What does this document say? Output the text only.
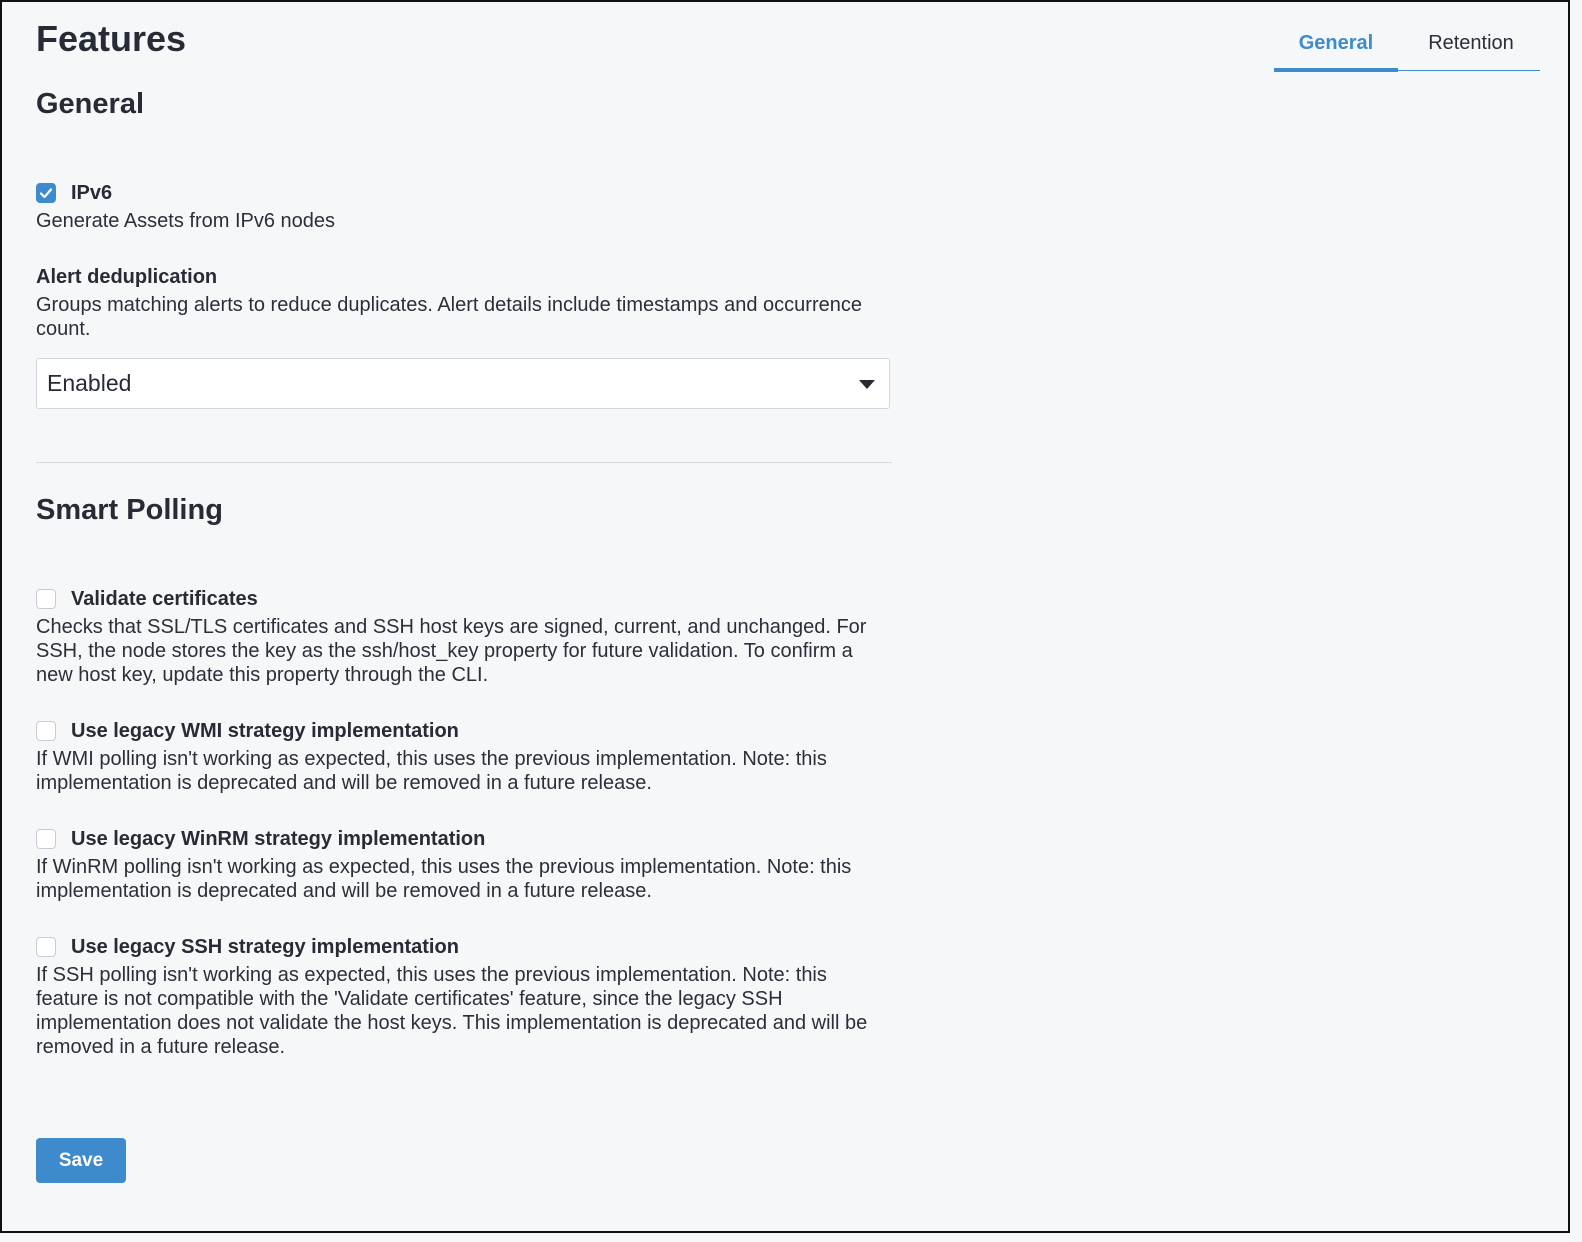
Features	General	Retention
General
IPv6
Generate Assets from IPv6 nodes
Alert deduplication
Groups matching alerts to reduce duplicates. Alert details include timestamps and occurrence count.
Enabled
Smart Polling
Validate certificates
Checks that SSL/TLS certificates and SSH host keys are signed, current, and unchanged. For SSH, the node stores the key as the ssh/host_key property for future validation. To confirm a new host key, update this property through the CLI.
Use legacy WMI strategy implementation
If WMI polling isn't working as expected, this uses the previous implementation. Note: this implementation is deprecated and will be removed in a future release.
Use legacy WinRM strategy implementation
If WinRM polling isn't working as expected, this uses the previous implementation. Note: this implementation is deprecated and will be removed in a future release.
Use legacy SSH strategy implementation
If SSH polling isn't working as expected, this uses the previous implementation. Note: this feature is not compatible with the 'Validate certificates' feature, since the legacy SSH implementation does not validate the host keys. This implementation is deprecated and will be removed in a future release.
Save
